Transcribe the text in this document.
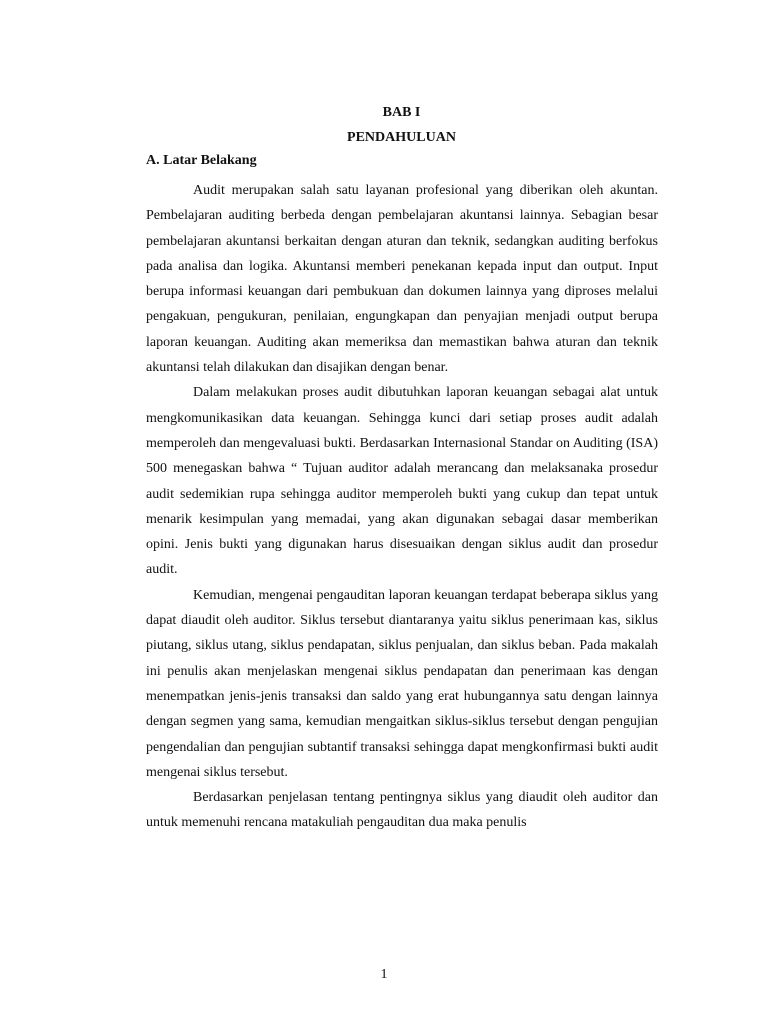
BAB I
PENDAHULUAN
A. Latar Belakang

Audit merupakan salah satu layanan profesional yang diberikan oleh akuntan. Pembelajaran auditing berbeda dengan pembelajaran akuntansi lainnya. Sebagian besar pembelajaran akuntansi berkaitan dengan aturan dan teknik, sedangkan auditing berfokus pada analisa dan logika. Akuntansi memberi penekanan kepada input dan output. Input berupa informasi keuangan dari pembukuan dan dokumen lainnya yang diproses melalui pengakuan, pengukuran, penilaian, engungkapan dan penyajian menjadi output berupa laporan keuangan. Auditing akan memeriksa dan memastikan bahwa aturan dan teknik akuntansi telah dilakukan dan disajikan dengan benar.

Dalam melakukan proses audit dibutuhkan laporan keuangan sebagai alat untuk mengkomunikasikan data keuangan. Sehingga kunci dari setiap proses audit adalah memperoleh dan mengevaluasi bukti. Berdasarkan Internasional Standar on Auditing (ISA) 500 menegaskan bahwa “ Tujuan auditor adalah merancang dan melaksanaka prosedur audit sedemikian rupa sehingga auditor memperoleh bukti yang cukup dan tepat untuk menarik kesimpulan yang memadai, yang akan digunakan sebagai dasar memberikan opini. Jenis bukti yang digunakan harus disesuaikan dengan siklus audit dan prosedur audit.

Kemudian, mengenai pengauditan laporan keuangan terdapat beberapa siklus yang dapat diaudit oleh auditor. Siklus tersebut diantaranya yaitu siklus penerimaan kas, siklus piutang, siklus utang, siklus pendapatan, siklus penjualan, dan siklus beban. Pada makalah ini penulis akan menjelaskan mengenai siklus pendapatan dan penerimaan kas dengan menempatkan jenis-jenis transaksi dan saldo yang erat hubungannya satu dengan lainnya dengan segmen yang sama, kemudian mengaitkan siklus-siklus tersebut dengan pengujian pengendalian dan pengujian subtantif transaksi sehingga dapat mengkonfirmasi bukti audit mengenai siklus tersebut.

Berdasarkan penjelasan tentang pentingnya siklus yang diaudit oleh auditor dan untuk memenuhi rencana matakuliah pengauditan dua maka penulis

1
